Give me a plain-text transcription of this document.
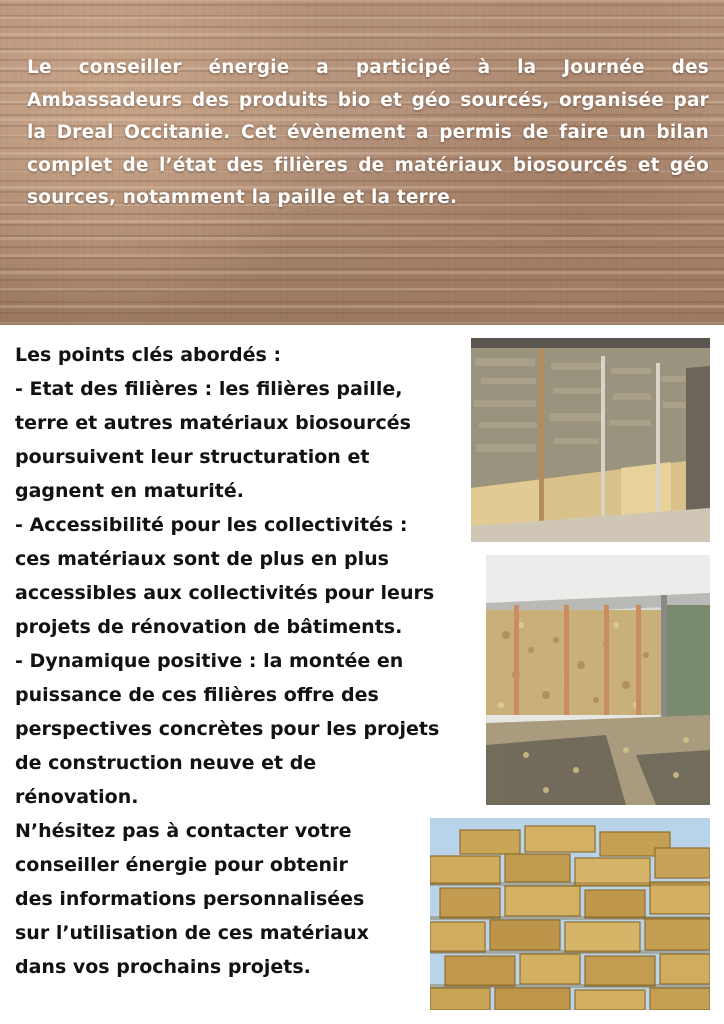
Le conseiller énergie a participé à la Journée des Ambassadeurs des produits bio et géo sourcés, organisée par la Dreal Occitanie. Cet évènement a permis de faire un bilan complet de l’état des filières de matériaux biosourcés et géo sources, notamment la paille et la terre.

Les points clés abordés :
- Etat des filières : les filières paille,
terre et autres matériaux biosourcés
poursuivent leur structuration et
gagnent en maturité.
- Accessibilité pour les collectivités :
ces matériaux sont de plus en plus
accessibles aux collectivités pour leurs
projets de rénovation de bâtiments.
- Dynamique positive : la montée en
puissance de ces filières offre des
perspectives concrètes pour les projets
de construction neuve et de
rénovation.
N’hésitez pas à contacter votre
conseiller énergie pour obtenir
des informations personnalisées
sur l’utilisation de ces matériaux
dans vos prochains projets.
